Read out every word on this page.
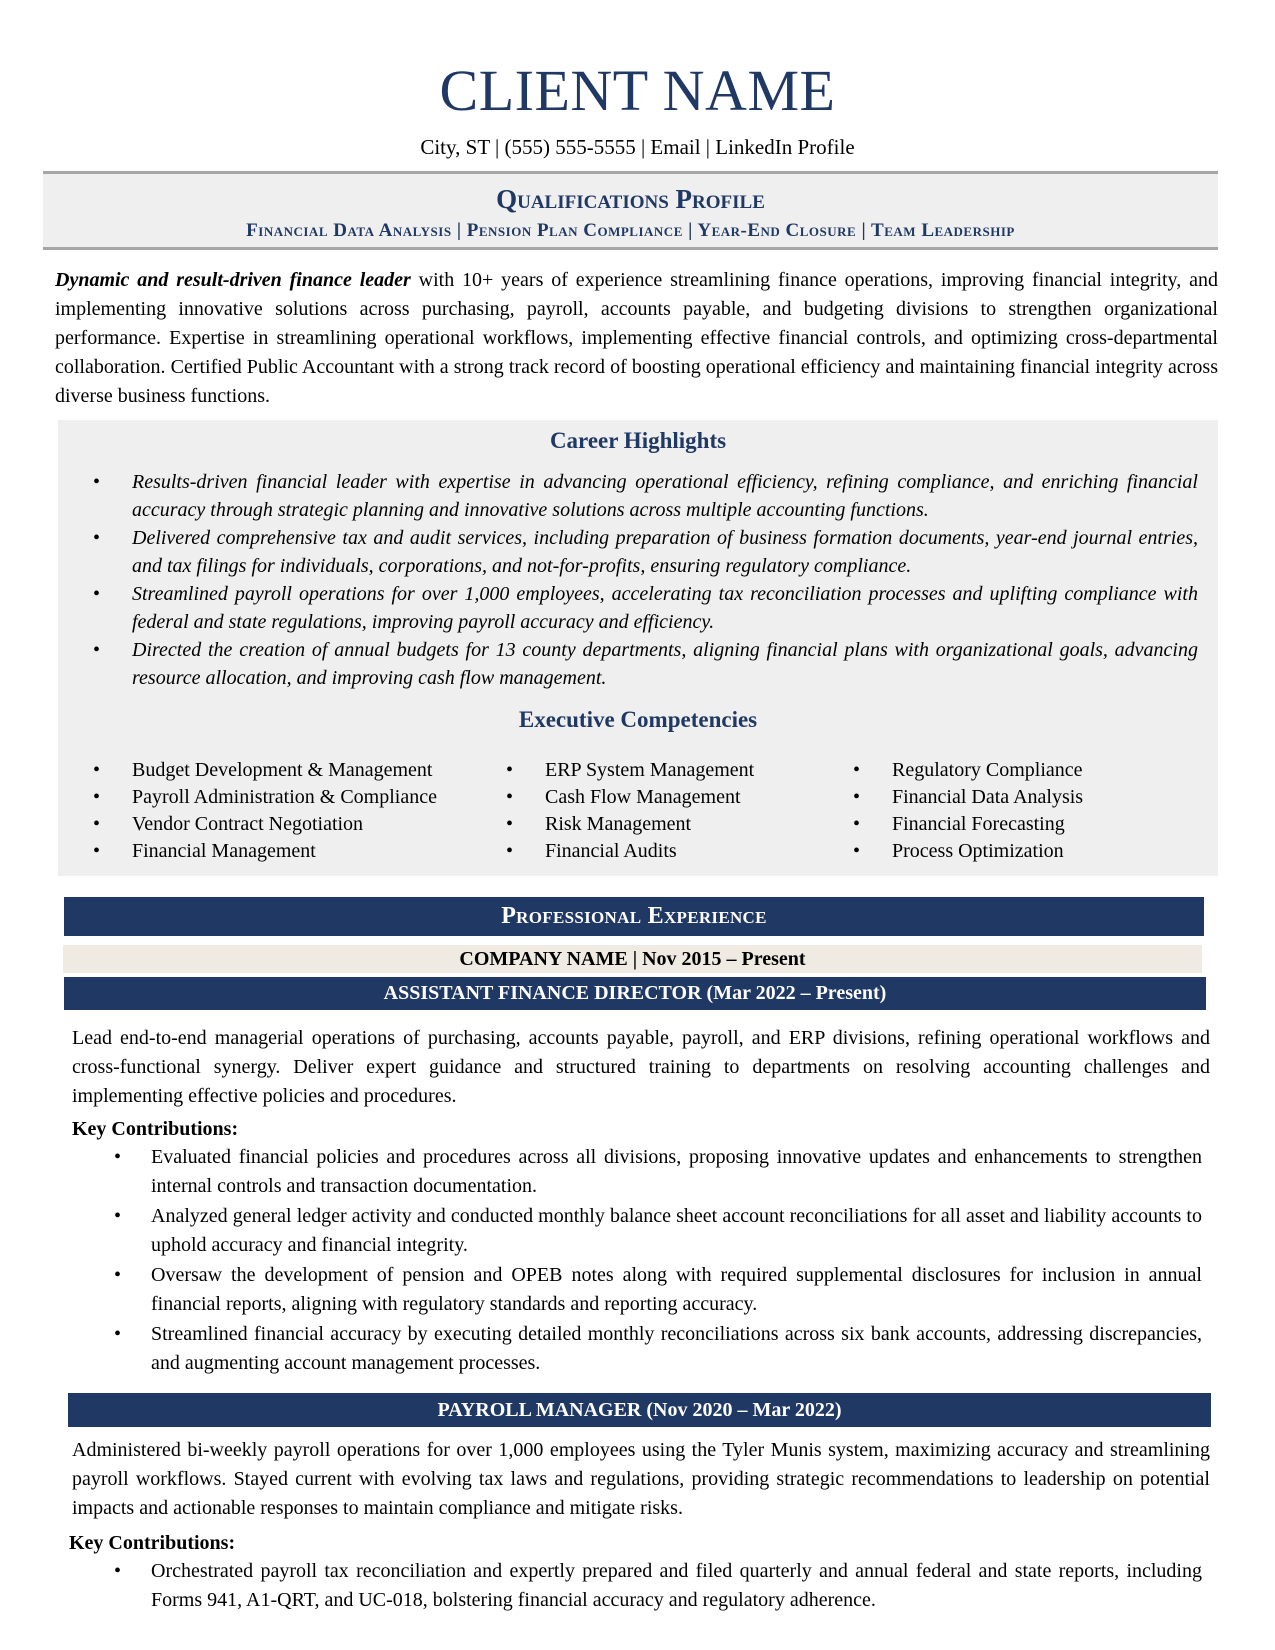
CLIENT NAME
City, ST | (555) 555-5555 | Email | LinkedIn Profile
Qualifications Profile
Financial Data Analysis | Pension Plan Compliance | Year-End Closure | Team Leadership
Dynamic and result-driven finance leader with 10+ years of experience streamlining finance operations, improving financial integrity, and implementing innovative solutions across purchasing, payroll, accounts payable, and budgeting divisions to strengthen organizational performance. Expertise in streamlining operational workflows, implementing effective financial controls, and optimizing cross-departmental collaboration. Certified Public Accountant with a strong track record of boosting operational efficiency and maintaining financial integrity across diverse business functions.
Career Highlights
• Results-driven financial leader with expertise in advancing operational efficiency, refining compliance, and enriching financial accuracy through strategic planning and innovative solutions across multiple accounting functions.
• Delivered comprehensive tax and audit services, including preparation of business formation documents, year-end journal entries, and tax filings for individuals, corporations, and not-for-profits, ensuring regulatory compliance.
• Streamlined payroll operations for over 1,000 employees, accelerating tax reconciliation processes and uplifting compliance with federal and state regulations, improving payroll accuracy and efficiency.
• Directed the creation of annual budgets for 13 county departments, aligning financial plans with organizational goals, advancing resource allocation, and improving cash flow management.
Executive Competencies
• Budget Development & Management
• Payroll Administration & Compliance
• Vendor Contract Negotiation
• Financial Management
• ERP System Management
• Cash Flow Management
• Risk Management
• Financial Audits
• Regulatory Compliance
• Financial Data Analysis
• Financial Forecasting
• Process Optimization
Professional Experience
COMPANY NAME | Nov 2015 – Present
ASSISTANT FINANCE DIRECTOR (Mar 2022 – Present)
Lead end-to-end managerial operations of purchasing, accounts payable, payroll, and ERP divisions, refining operational workflows and cross-functional synergy. Deliver expert guidance and structured training to departments on resolving accounting challenges and implementing effective policies and procedures.
Key Contributions:
• Evaluated financial policies and procedures across all divisions, proposing innovative updates and enhancements to strengthen internal controls and transaction documentation.
• Analyzed general ledger activity and conducted monthly balance sheet account reconciliations for all asset and liability accounts to uphold accuracy and financial integrity.
• Oversaw the development of pension and OPEB notes along with required supplemental disclosures for inclusion in annual financial reports, aligning with regulatory standards and reporting accuracy.
• Streamlined financial accuracy by executing detailed monthly reconciliations across six bank accounts, addressing discrepancies, and augmenting account management processes.
PAYROLL MANAGER (Nov 2020 – Mar 2022)
Administered bi-weekly payroll operations for over 1,000 employees using the Tyler Munis system, maximizing accuracy and streamlining payroll workflows. Stayed current with evolving tax laws and regulations, providing strategic recommendations to leadership on potential impacts and actionable responses to maintain compliance and mitigate risks.
Key Contributions:
• Orchestrated payroll tax reconciliation and expertly prepared and filed quarterly and annual federal and state reports, including Forms 941, A1-QRT, and UC-018, bolstering financial accuracy and regulatory adherence.
